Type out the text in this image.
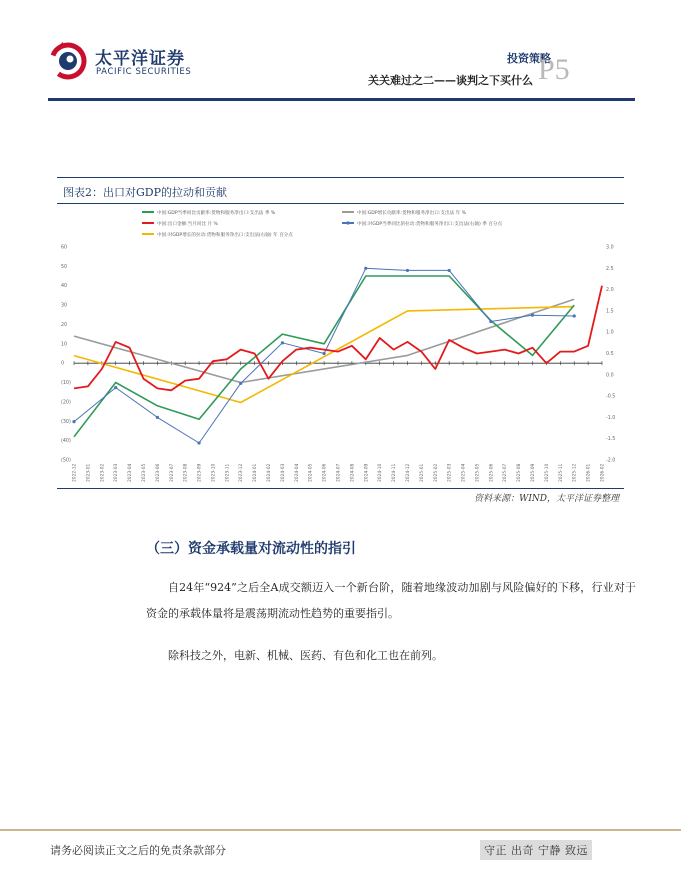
太平洋证券
PACIFIC SECURITIES
投资策略
关关难过之二——谈判之下买什么 P5
图表2：出口对GDP的拉动和贡献
中国:GDP当季同比贡献率:货物和服务净出口:支出法 季 %	中国:GDP增长贡献率:货物和服务净出口:支出法 年 %
中国:出口金额:当月同比 月 %	中国:对GDP当季同比的拉动:货物和服务净出口:支出法(右轴) 季 百分点
中国:对GDP增长的拉动:货物和服务净出口:支出法(右轴) 年 百分点
(50)
(40)
(30)
(20)
(10)
0
10
20
30
40
50
60
-2.0
-1.5
-1.0
-0.5
0.0
0.5
1.0
1.5
2.0
2.5
3.0
2022-12 2023-01 2023-02 2023-03 2023-04 2023-05 2023-06 2023-07 2023-08 2023-09 2023-10 2023-11 2023-12 2024-01 2024-02 2024-03 2024-04 2024-05 2024-06 2024-07 2024-08 2024-09 2024-10 2024-11 2024-12 2025-01 2025-02 2025-03 2025-04 2025-05 2025-06 2025-07 2025-08 2025-09 2025-10 2025-11 2025-12 2026-01 2026-02
资料来源：WIND，太平洋证券整理
（三）资金承载量对流动性的指引
自24年“924”之后全A成交额迈入一个新台阶，随着地缘波动加剧与风险偏好的下移，行业对于资金的承载体量将是震荡期流动性趋势的重要指引。
除科技之外，电新、机械、医药、有色和化工也在前列。
请务必阅读正文之后的免责条款部分	守正 出奇 宁静 致远
